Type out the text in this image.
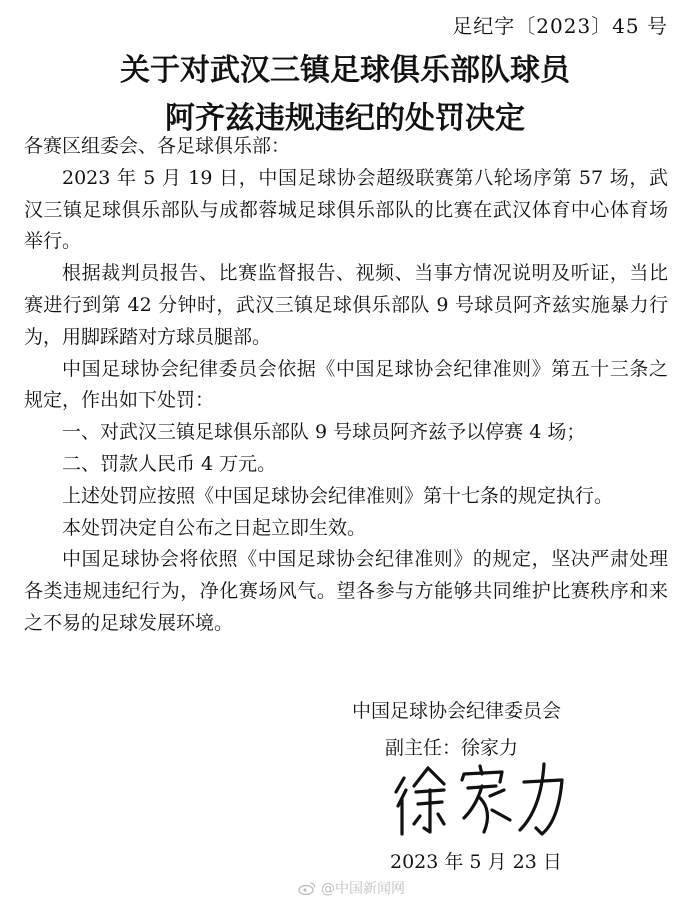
足纪字〔2023〕45 号
关于对武汉三镇足球俱乐部队球员
阿齐兹违规违纪的处罚决定

各赛区组委会、各足球俱乐部：

2023 年 5 月 19 日，中国足球协会超级联赛第八轮场序第 57 场，武汉三镇足球俱乐部队与成都蓉城足球俱乐部队的比赛在武汉体育中心体育场举行。

根据裁判员报告、比赛监督报告、视频、当事方情况说明及听证，当比赛进行到第 42 分钟时，武汉三镇足球俱乐部队 9 号球员阿齐兹实施暴力行为，用脚踩踏对方球员腿部。

中国足球协会纪律委员会依据《中国足球协会纪律准则》第五十三条之规定，作出如下处罚：

一、对武汉三镇足球俱乐部队 9 号球员阿齐兹予以停赛 4 场；

二、罚款人民币 4 万元。

上述处罚应按照《中国足球协会纪律准则》第十七条的规定执行。

本处罚决定自公布之日起立即生效。

中国足球协会将依照《中国足球协会纪律准则》的规定，坚决严肃处理各类违规违纪行为，净化赛场风气。望各参与方能够共同维护比赛秩序和来之不易的足球发展环境。

中国足球协会纪律委员会
副主任：徐家力
2023 年 5 月 23 日
@中国新闻网
